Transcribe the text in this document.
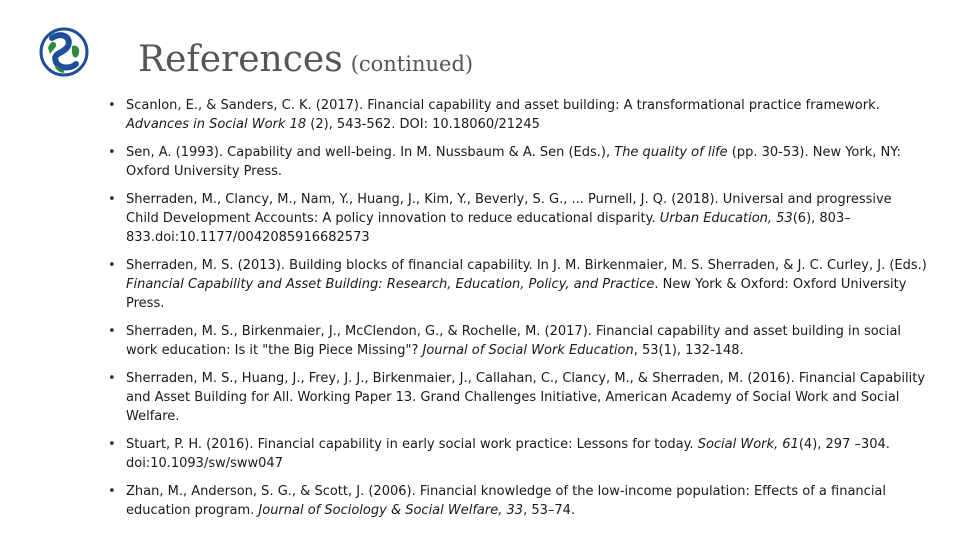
References (continued)
• Scanlon, E., & Sanders, C. K. (2017). Financial capability and asset building: A transformational practice framework. Advances in Social Work 18 (2), 543-562. DOI: 10.18060/21245
• Sen, A. (1993). Capability and well-being. In M. Nussbaum & A. Sen (Eds.), The quality of life (pp. 30-53). New York, NY: Oxford University Press.
• Sherraden, M., Clancy, M., Nam, Y., Huang, J., Kim, Y., Beverly, S. G., ... Purnell, J. Q. (2018). Universal and progressive Child Development Accounts: A policy innovation to reduce educational disparity. Urban Education, 53(6), 803–833.doi:10.1177/0042085916682573
• Sherraden, M. S. (2013). Building blocks of financial capability. In J. M. Birkenmaier, M. S. Sherraden, & J. C. Curley, J. (Eds.) Financial Capability and Asset Building: Research, Education, Policy, and Practice. New York & Oxford: Oxford University Press.
• Sherraden, M. S., Birkenmaier, J., McClendon, G., & Rochelle, M. (2017). Financial capability and asset building in social work education: Is it "the Big Piece Missing"? Journal of Social Work Education, 53(1), 132-148.
• Sherraden, M. S., Huang, J., Frey, J. J., Birkenmaier, J., Callahan, C., Clancy, M., & Sherraden, M. (2016). Financial Capability and Asset Building for All. Working Paper 13. Grand Challenges Initiative, American Academy of Social Work and Social Welfare.
• Stuart, P. H. (2016). Financial capability in early social work practice: Lessons for today. Social Work, 61(4), 297 –304. doi:10.1093/sw/sww047
• Zhan, M., Anderson, S. G., & Scott, J. (2006). Financial knowledge of the low-income population: Effects of a financial education program. Journal of Sociology & Social Welfare, 33, 53–74.
